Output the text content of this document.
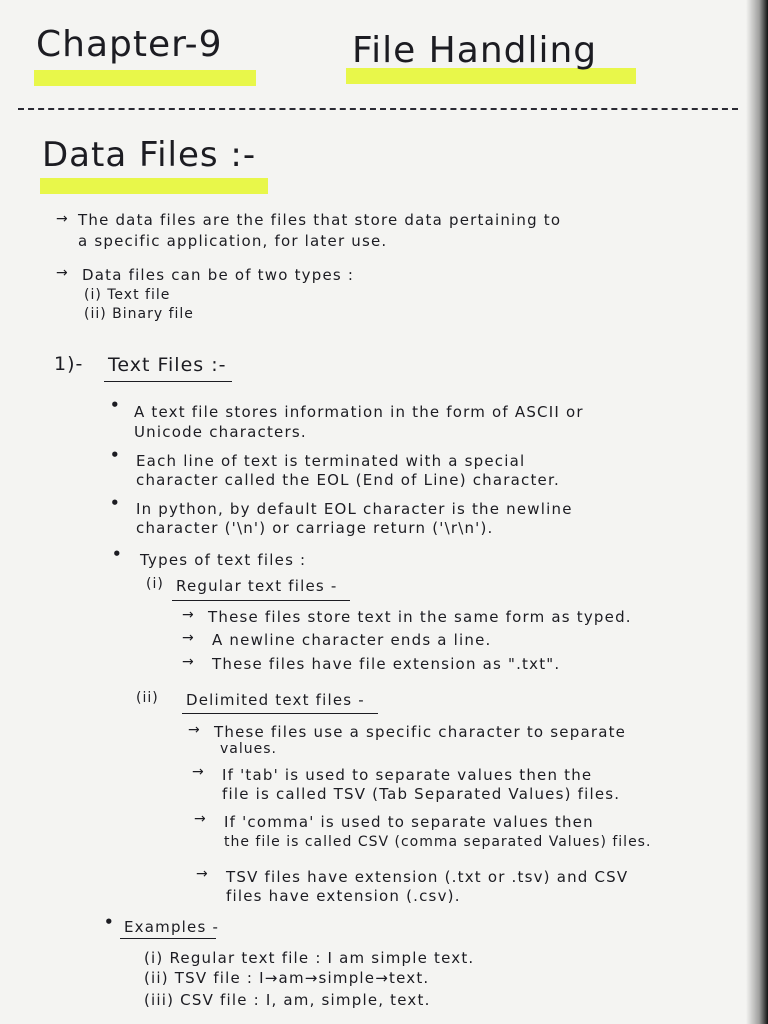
Chapter-9	File Handling
Data Files :-
→ The data files are the files that store data pertaining to
a specific application, for later use.
→ Data files can be of two types :
(i) Text file
(ii) Binary file
1)- Text Files :-
• A text file stores information in the form of ASCII or
Unicode characters.
• Each line of text is terminated with a special
character called the EOL (End of Line) character.
• In python, by default EOL character is the newline
character ('\n') or carriage return ('\r\n').
• Types of text files :
(i) Regular text files -
→ These files store text in the same form as typed.
→ A newline character ends a line.
→ These files have file extension as ".txt".
(ii) Delimited text files -
→ These files use a specific character to separate
values.
→ If 'tab' is used to separate values then the
file is called TSV (Tab Separated Values) files.
→ If 'comma' is used to separate values then
the file is called CSV (comma separated Values) files.
→ TSV files have extension (.txt or .tsv) and CSV
files have extension (.csv).
• Examples -
(i) Regular text file : I am simple text.
(ii) TSV file : I→am→simple→text.
(iii) CSV file : I, am, simple, text.
